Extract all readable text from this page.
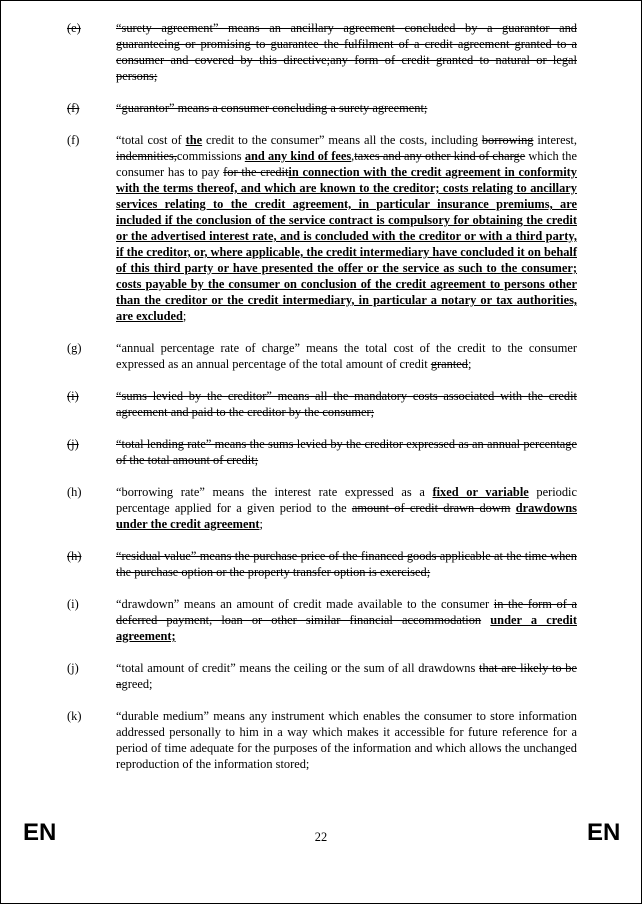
(e)	“surety agreement” means an ancillary agreement concluded by a guarantor and guaranteeing or promising to guarantee the fulfilment of a credit agreement granted to a consumer and covered by this directive;any form of credit granted to natural or legal persons;
(f)	“guarantor” means a consumer concluding a surety agreement;
(f)	“total cost of the credit to the consumer” means all the costs, including borrowing interest, indemnities,commissions and any kind of fees,taxes and any other kind of charge which the consumer has to pay for the creditin connection with the credit agreement in conformity with the terms thereof, and which are known to the creditor; costs relating to ancillary services relating to the credit agreement, in particular insurance premiums, are included if the conclusion of the service contract is compulsory for obtaining the credit or the advertised interest rate, and is concluded with the creditor or with a third party, if the creditor, or, where applicable, the credit intermediary have concluded it on behalf of this third party or have presented the offer or the service as such to the consumer; costs payable by the consumer on conclusion of the credit agreement to persons other than the creditor or the credit intermediary, in particular a notary or tax authorities, are excluded;
(g)	“annual percentage rate of charge” means the total cost of the credit to the consumer expressed as an annual percentage of the total amount of credit granted;
(i)	“sums levied by the creditor” means all the mandatory costs associated with the credit agreement and paid to the creditor by the consumer;
(j)	“total lending rate” means the sums levied by the creditor expressed as an annual percentage of the total amount of credit;
(h)	“borrowing rate” means the interest rate expressed as a fixed or variable periodic percentage applied for a given period to the amount of credit drawn dowm drawdowns under the credit agreement;
(h)	“residual value” means the purchase price of the financed goods applicable at the time when the purchase option or the property transfer option is exercised;
(i)	“drawdown” means an amount of credit made available to the consumer in the form of a deferred payment, loan or other similar financial accommodation under a credit agreement;
(j)	“total amount of credit” means the ceiling or the sum of all drawdowns that are likely to be agreed;
(k)	“durable medium” means any instrument which enables the consumer to store information addressed personally to him in a way which makes it accessible for future reference for a period of time adequate for the purposes of the information and which allows the unchanged reproduction of the information stored;
EN	22	EN
